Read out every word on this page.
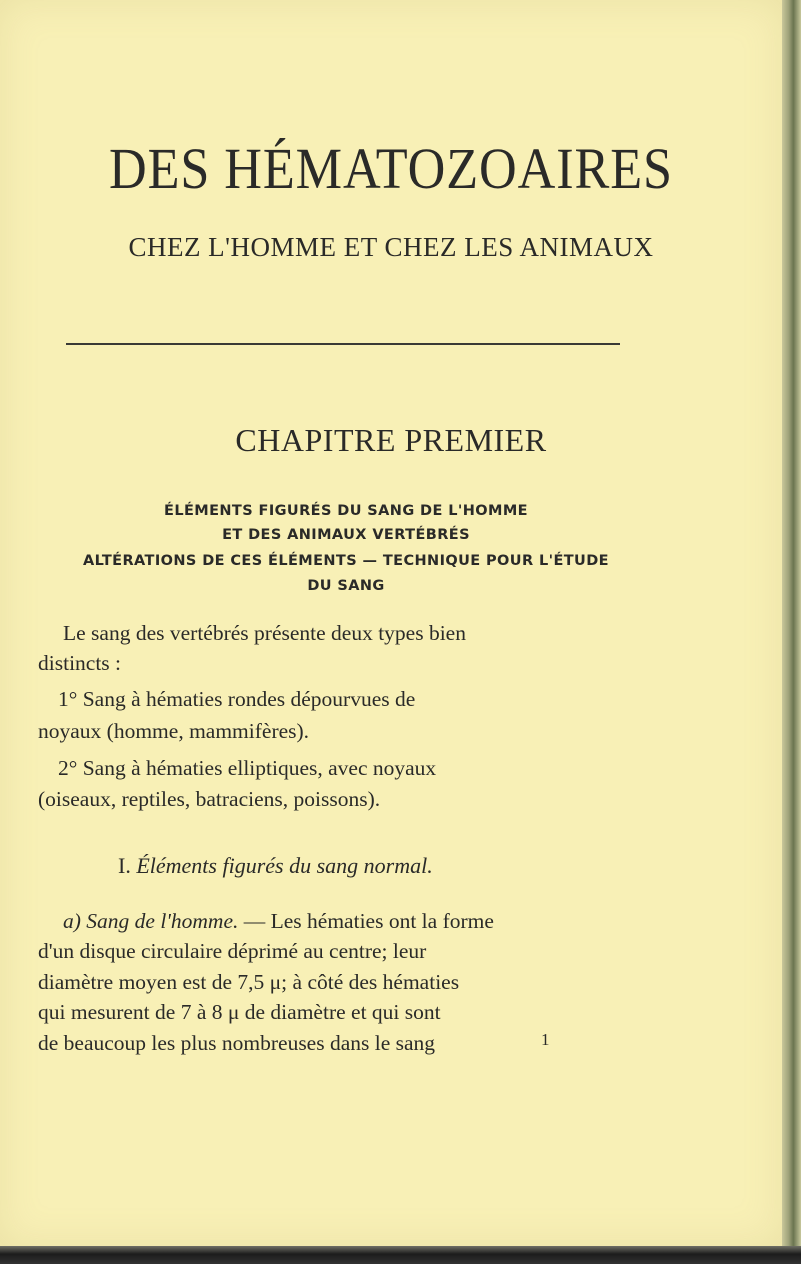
DES HÉMATOZOAIRES
CHEZ L'HOMME ET CHEZ LES ANIMAUX
CHAPITRE PREMIER
ÉLÉMENTS FIGURÉS DU SANG DE L'HOMME
ET DES ANIMAUX VERTÉBRÉS
ALTÉRATIONS DE CES ÉLÉMENTS — TECHNIQUE POUR L'ÉTUDE
DU SANG
Le sang des vertébrés présente deux types bien
distincts :
1° Sang à hématies rondes dépourvues de
noyaux (homme, mammifères).
2° Sang à hématies elliptiques, avec noyaux
(oiseaux, reptiles, batraciens, poissons).
I. Éléments figurés du sang normal.
a) Sang de l'homme. — Les hématies ont la forme
d'un disque circulaire déprimé au centre; leur
diamètre moyen est de 7,5 μ; à côté des hématies
qui mesurent de 7 à 8 μ de diamètre et qui sont
de beaucoup les plus nombreuses dans le sang	1
